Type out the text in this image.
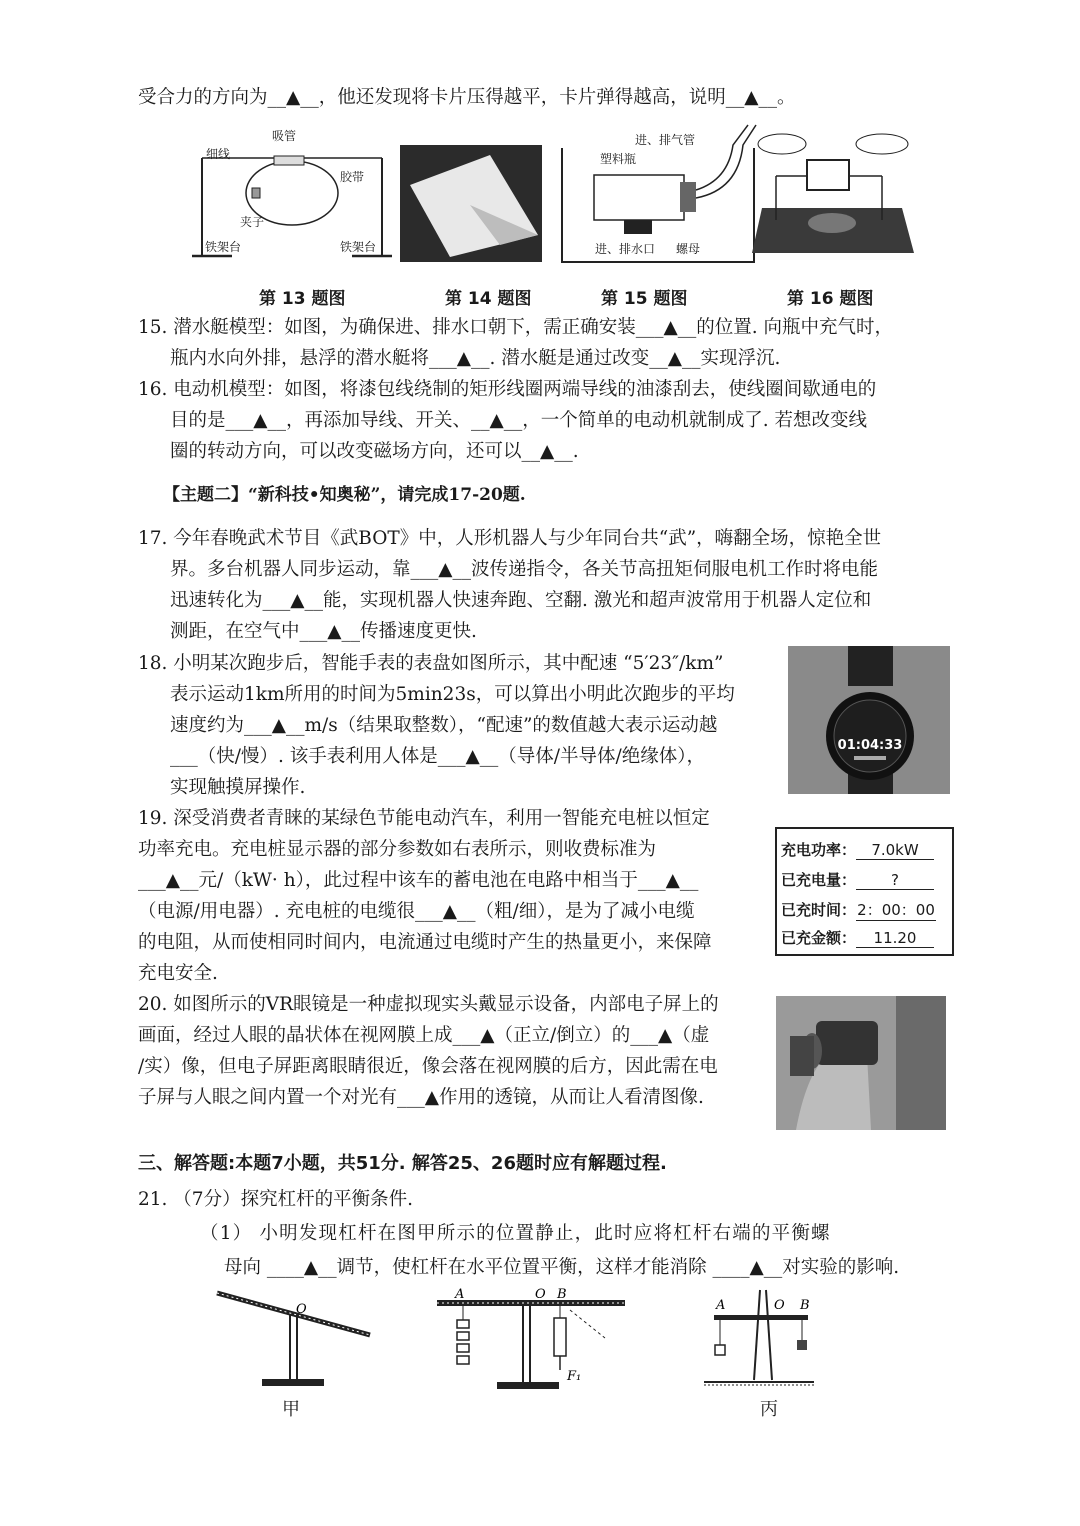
受合力的方向为__▲__，他还发现将卡片压得越平，卡片弹得越高，说明__▲__。
细线
吸管
胶带
夹子
铁架台	铁架台
进、排气管
塑料瓶
进、排水口 螺母
第 13 题图	第 14 题图	第 15 题图	第 16 题图
15. 潜水艇模型：如图，为确保进、排水口朝下，需正确安装___▲__的位置. 向瓶中充气时，
瓶内水向外排，悬浮的潜水艇将___▲__. 潜水艇是通过改变__▲__实现浮沉.
16. 电动机模型：如图，将漆包线绕制的矩形线圈两端导线的油漆刮去，使线圈间歇通电的
目的是___▲__，再添加导线、开关、__▲__，一个简单的电动机就制成了. 若想改变线
圈的转动方向，可以改变磁场方向，还可以__▲__.
【主题二】“新科技•知奥秘”，请完成17-20题.
17. 今年春晚武术节目《武BOT》中，人形机器人与少年同台共“武”，嗨翻全场，惊艳全世
界。多台机器人同步运动，靠___▲__波传递指令，各关节高扭矩伺服电机工作时将电能
迅速转化为___▲__能，实现机器人快速奔跑、空翻. 激光和超声波常用于机器人定位和
测距，在空气中___▲__传播速度更快.
18. 小明某次跑步后，智能手表的表盘如图所示，其中配速 “5′23″/km”
表示运动1km所用的时间为5min23s，可以算出小明此次跑步的平均
速度约为___▲__m/s（结果取整数），“配速”的数值越大表示运动越
___（快/慢）. 该手表利用人体是___▲__（导体/半导体/绝缘体），
实现触摸屏操作.
01:04:33
19. 深受消费者青睐的某绿色节能电动汽车，利用一智能充电桩以恒定
功率充电。充电桩显示器的部分参数如右表所示，则收费标准为
___▲__元/（kW· h），此过程中该车的蓄电池在电路中相当于___▲__
（电源/用电器）. 充电桩的电缆很___▲__（粗/细），是为了减小电缆
的电阻，从而使相同时间内，电流通过电缆时产生的热量更小，来保障
充电安全.
充电功率： 7.0kW
已充电量： ?
已充时间：2：00：00
已充金额： 11.20
20. 如图所示的VR眼镜是一种虚拟现实头戴显示设备，内部电子屏上的
画面，经过人眼的晶状体在视网膜上成___▲（正立/倒立）的___▲（虚
/实）像，但电子屏距离眼睛很近，像会落在视网膜的后方，因此需在电
子屏与人眼之间内置一个对光有___▲作用的透镜，从而让人看清图像.
三、解答题:本题7小题，共51分. 解答25、26题时应有解题过程.
21. （7分）探究杠杆的平衡条件.
（1） 小明发现杠杆在图甲所示的位置静止，此时应将杠杆右端的平衡螺
母向 ____▲__调节，使杠杆在水平位置平衡，这样才能消除 ____▲__对实验的影响.
O
甲
A	O B
F₁
A	O B
丙
